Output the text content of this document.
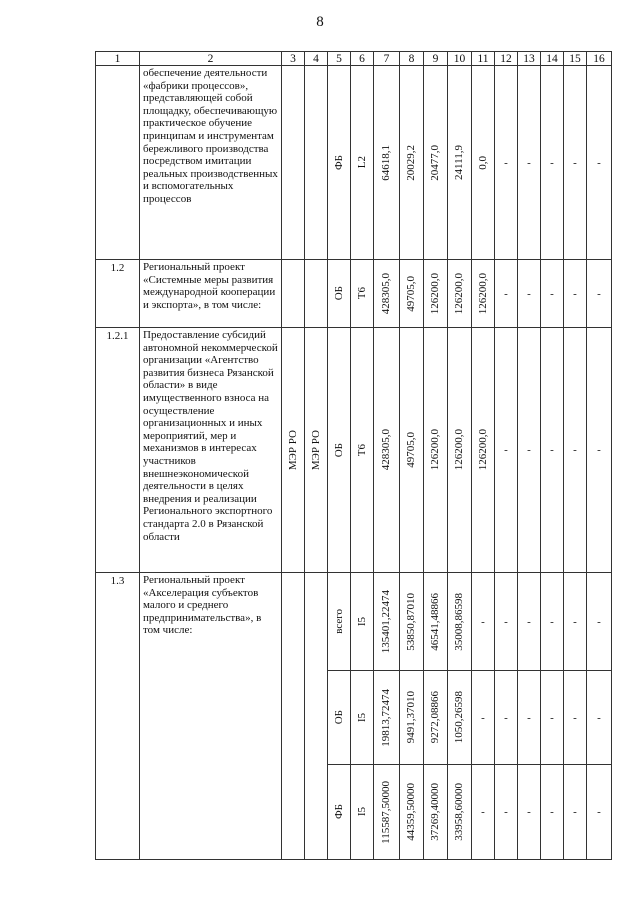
8
1	2	3	4	5	6	7	8	9	10	11	12	13	14	15	16
	обеспечение деятельности «фабрики процессов», представляющей собой площадку, обеспечивающую практическое обучение принципам и инструментам бережливого производства посредством имитации реальных производственных и вспомогательных процессов			ФБ	L2	64618,1	20029,2	20477,0	24111,9	0,0	-	-	-	-	-

1.2	Региональный проект «Системные меры развития международной кооперации и экспорта», в том числе:			ОБ	Т6	428305,0	49705,0	126200,0	126200,0	126200,0	-	-	-	-	-

1.2.1	Предоставление субсидий автономной некоммерческой организации «Агентство развития бизнеса Рязанской области» в виде имущественного взноса на осуществление организационных и иных мероприятий, мер и механизмов в интересах участников внешнеэкономической деятельности в целях внедрения и реализации Регионального экспортного стандарта 2.0 в Рязанской области	МЭР РО	МЭР РО	ОБ	Т6	428305,0	49705,0	126200,0	126200,0	126200,0	-	-	-	-	-

1.3	Региональный проект «Акселерация субъектов малого и среднего предпринимательства», в том числе:			всего	I5	135401,22474	53850,87010	46541,48866	35008,86598	-	-	-	-	-	-

				ОБ	I5	19813,72474	9491,37010	9272,08866	1050,26598	-	-	-	-	-	-

				ФБ	I5	115587,50000	44359,50000	37269,40000	33958,60000	-	-	-	-	-	-
